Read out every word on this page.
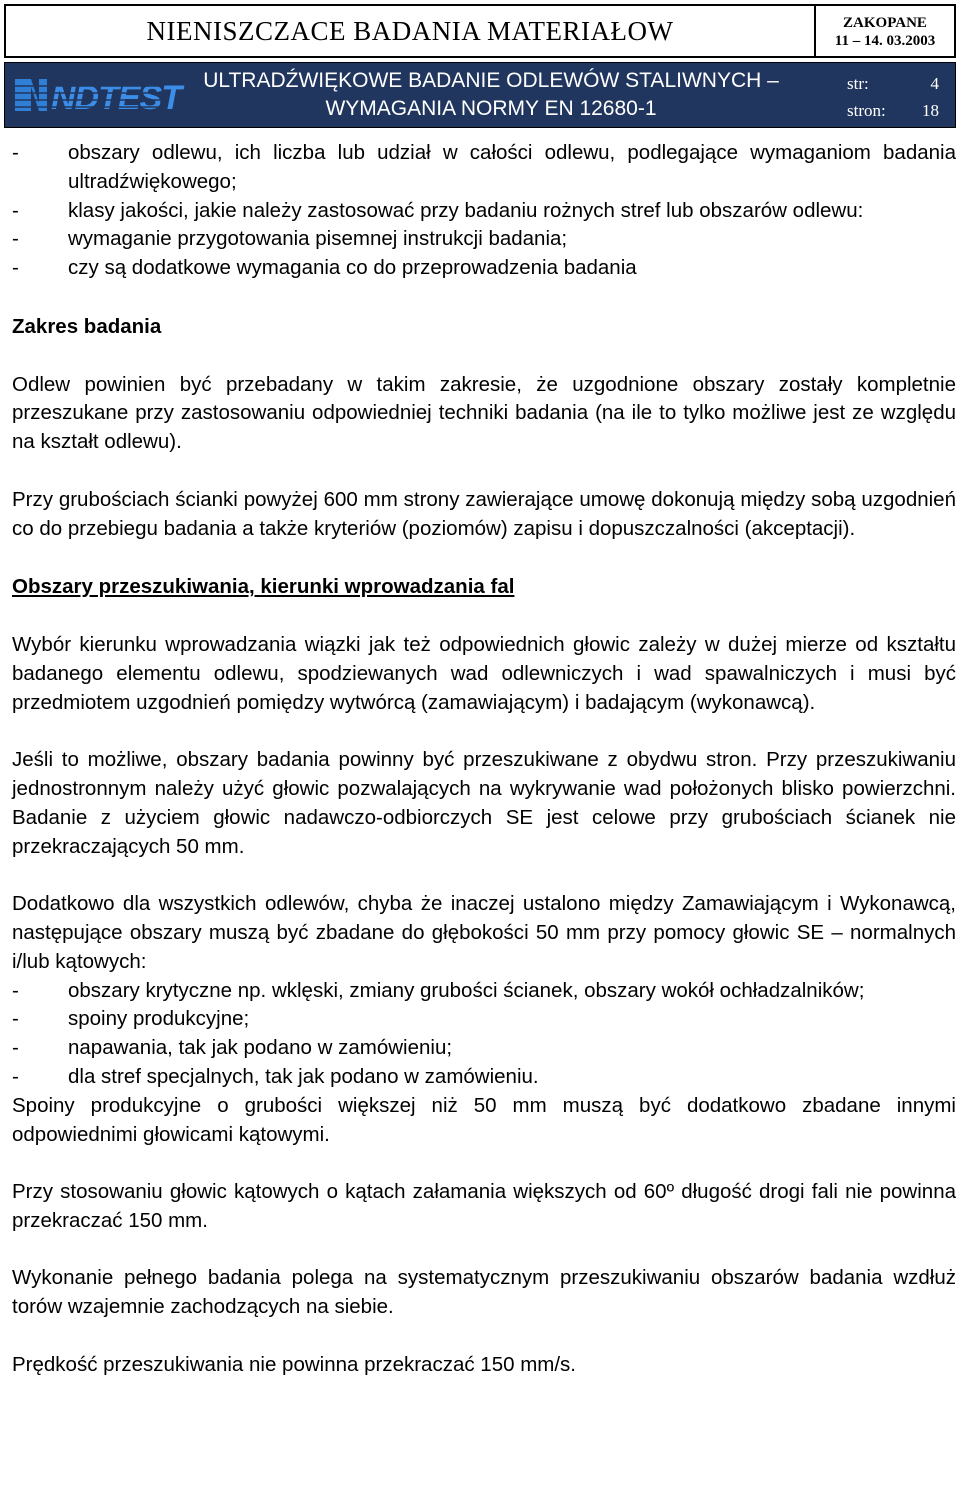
NIENISZCZACE BADANIA MATERIAŁOW	ZAKOPANE
11 – 14. 03.2003
NDTEST	ULTRADŹWIĘKOWE BADANIE ODLEWÓW STALIWNYCH –
WYMAGANIA NORMY EN 12680-1
str:	4
stron: 18
-	obszary odlewu, ich liczba lub udział w całości odlewu, podlegające wymaganiom badania ultradźwiękowego;
-	klasy jakości, jakie należy zastosować przy badaniu rożnych stref lub obszarów odlewu:
-	wymaganie przygotowania pisemnej instrukcji badania;
-	czy są dodatkowe wymagania co do przeprowadzenia badania

Zakres badania

Odlew powinien być przebadany w takim zakresie, że uzgodnione obszary zostały kompletnie przeszukane przy zastosowaniu odpowiedniej techniki badania (na ile to tylko możliwe jest ze względu na kształt odlewu).

Przy grubościach ścianki powyżej 600 mm strony zawierające umowę dokonują między sobą uzgodnień co do przebiegu badania a także kryteriów (poziomów) zapisu i dopuszczalności (akceptacji).

Obszary przeszukiwania, kierunki wprowadzania fal

Wybór kierunku wprowadzania wiązki jak też odpowiednich głowic zależy w dużej mierze od kształtu badanego elementu odlewu, spodziewanych wad odlewniczych i wad spawalniczych i musi być przedmiotem uzgodnień pomiędzy wytwórcą (zamawiającym) i badającym (wykonawcą).

Jeśli to możliwe, obszary badania powinny być przeszukiwane z obydwu stron. Przy przeszukiwaniu jednostronnym należy użyć głowic pozwalających na wykrywanie wad położonych blisko powierzchni. Badanie z użyciem głowic nadawczo-odbiorczych SE jest celowe przy grubościach ścianek nie przekraczających 50 mm.

Dodatkowo dla wszystkich odlewów, chyba że inaczej ustalono między Zamawiającym i Wykonawcą, następujące obszary muszą być zbadane do głębokości 50 mm przy pomocy głowic SE – normalnych i/lub kątowych:

-	obszary krytyczne np. wklęski, zmiany grubości ścianek, obszary wokół ochładzalników;
-	spoiny produkcyjne;
-	napawania, tak jak podano w zamówieniu;
-	dla stref specjalnych, tak jak podano w zamówieniu.

Spoiny produkcyjne o grubości większej niż 50 mm muszą być dodatkowo zbadane innymi odpowiednimi głowicami kątowymi.

Przy stosowaniu głowic kątowych o kątach załamania większych od 60º długość drogi fali nie powinna przekraczać 150 mm.

Wykonanie pełnego badania polega na systematycznym przeszukiwaniu obszarów badania wzdłuż torów wzajemnie zachodzących na siebie.

Prędkość przeszukiwania nie powinna przekraczać 150 mm/s.
